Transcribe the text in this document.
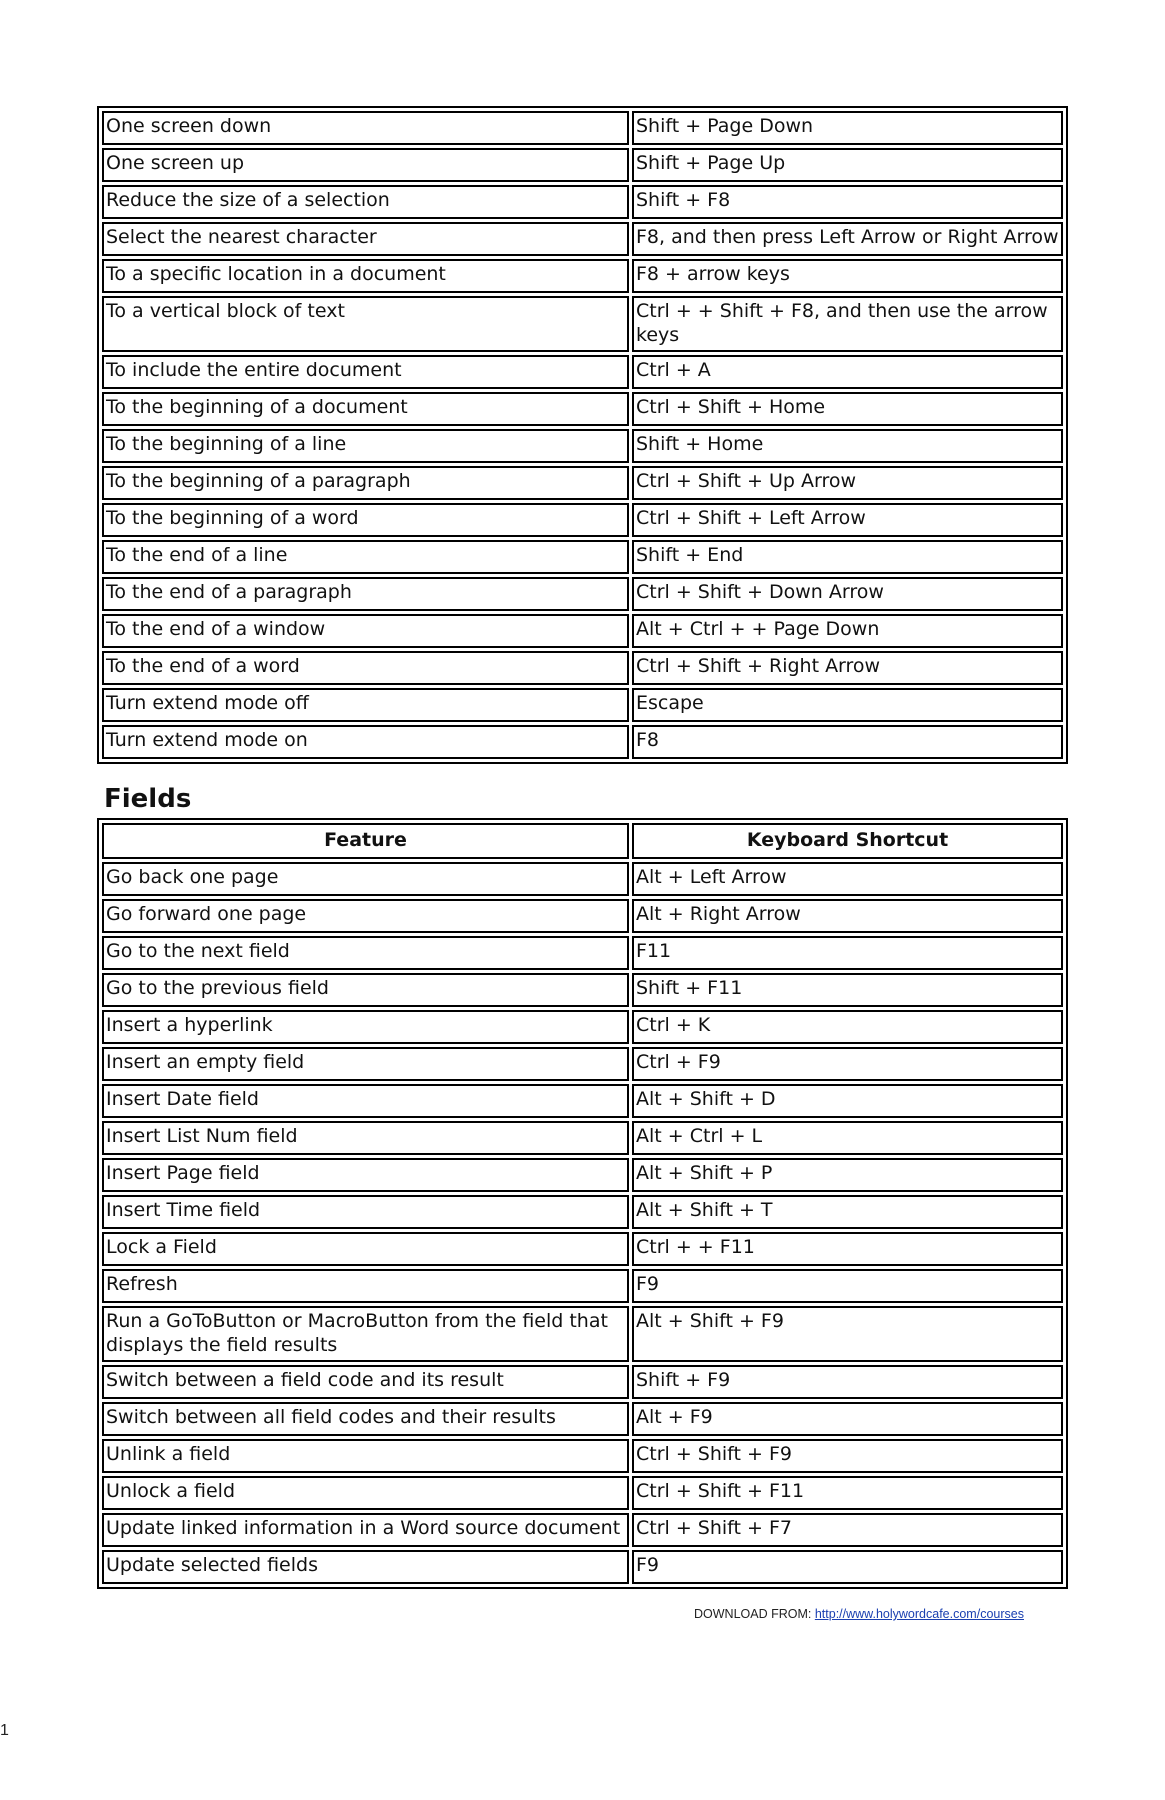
One screen down	Shift + Page Down
One screen up	Shift + Page Up
Reduce the size of a selection	Shift + F8
Select the nearest character	F8, and then press Left Arrow or Right Arrow
To a specific location in a document	F8 + arrow keys
To a vertical block of text	Ctrl + + Shift + F8, and then use the arrow keys
To include the entire document	Ctrl + A
To the beginning of a document	Ctrl + Shift + Home
To the beginning of a line	Shift + Home
To the beginning of a paragraph	Ctrl + Shift + Up Arrow
To the beginning of a word	Ctrl + Shift + Left Arrow
To the end of a line	Shift + End
To the end of a paragraph	Ctrl + Shift + Down Arrow
To the end of a window	Alt + Ctrl + + Page Down
To the end of a word	Ctrl + Shift + Right Arrow
Turn extend mode off	Escape
Turn extend mode on	F8
Fields
Feature	Keyboard Shortcut
Go back one page	Alt + Left Arrow
Go forward one page	Alt + Right Arrow
Go to the next field	F11
Go to the previous field	Shift + F11
Insert a hyperlink	Ctrl + K
Insert an empty field	Ctrl + F9
Insert Date field	Alt + Shift + D
Insert List Num field	Alt + Ctrl + L
Insert Page field	Alt + Shift + P
Insert Time field	Alt + Shift + T
Lock a Field	Ctrl + + F11
Refresh	F9
Run a GoToButton or MacroButton from the field that displays the field results	Alt + Shift + F9
Switch between a field code and its result	Shift + F9
Switch between all field codes and their results	Alt + F9
Unlink a field	Ctrl + Shift + F9
Unlock a field	Ctrl + Shift + F11
Update linked information in a Word source document	Ctrl + Shift + F7
Update selected fields	F9
DOWNLOAD FROM: http://www.holywordcafe.com/courses
1
